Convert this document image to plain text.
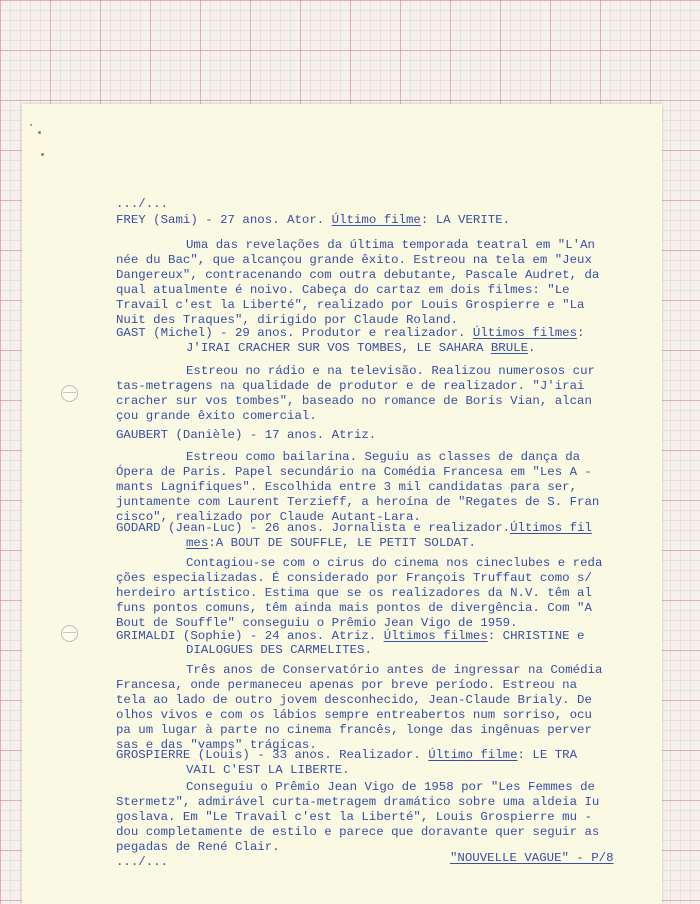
.../...
FREY (Sami) - 27 anos. Ator. Último filme: LA VERITE.
Uma das revelações da última temporada teatral em "L'An
née du Bac", que alcançou grande êxito. Estreou na tela em "Jeux
Dangereux", contracenando com outra debutante, Pascale Audret, da
qual atualmente é noivo. Cabeça do cartaz em dois filmes: "Le
Travail c'est la Liberté", realizado por Louis Grospierre e "La
Nuit des Traques", dirigido por Claude Roland.
GAST (Michel) - 29 anos. Produtor e realizador. Últimos filmes:
J'IRAI CRACHER SUR VOS TOMBES, LE SAHARA BRULE.
Estreou no rádio e na televisão. Realizou numerosos cur
tas-metragens na qualidade de produtor e de realizador. "J'irai
cracher sur vos tombes", baseado no romance de Boris Vian, alcan
çou grande êxito comercial.
GAUBERT (Danièle) - 17 anos. Atriz.
Estreou como bailarina. Seguiu as classes de dança da
Ópera de Paris. Papel secundário na Comédia Francesa em "Les A -
mants Lagnifiques". Escolhida entre 3 mil candidatas para ser,
juntamente com Laurent Terzieff, a heroína de "Regates de S. Fran
cisco", realizado por Claude Autant-Lara.
GODARD (Jean-Luc) - 26 anos. Jornalista e realizador.Últimos fil
mes:A BOUT DE SOUFFLE, LE PETIT SOLDAT.
Contagiou-se com o cirus do cinema nos cineclubes e reda
ções especializadas. É considerado por François Truffaut como s/
herdeiro artístico. Estima que se os realizadores da N.V. têm al
funs pontos comuns, têm ainda mais pontos de divergência. Com "A
Bout de Souffle" conseguiu o Prêmio Jean Vigo de 1959.
GRIMALDI (Sophie) - 24 anos. Atriz. Últimos filmes: CHRISTINE e
DIALOGUES DES CARMELITES.
Três anos de Conservatório antes de ingressar na Comédia
Francesa, onde permaneceu apenas por breve período. Estreou na
tela ao lado de outro jovem desconhecido, Jean-Claude Brialy. De
olhos vivos e com os lábios sempre entreabertos num sorriso, ocu
pa um lugar à parte no cinema francês, longe das ingênuas perver
sas e das "vamps" trágicas.
GROSPIERRE (Louis) - 33 anos. Realizador. Último filme: LE TRA
VAIL C'EST LA LIBERTE.
Conseguiu o Prêmio Jean Vigo de 1958 por "Les Femmes de
Stermetz", admirável curta-metragem dramático sobre uma aldeia Iu
goslava. Em "Le Travail c'est la Liberté", Louis Grospierre mu -
dou completamente de estilo e parece que doravante quer seguir as
pegadas de René Clair.
.../...	"NOUVELLE VAGUE" - P/8
